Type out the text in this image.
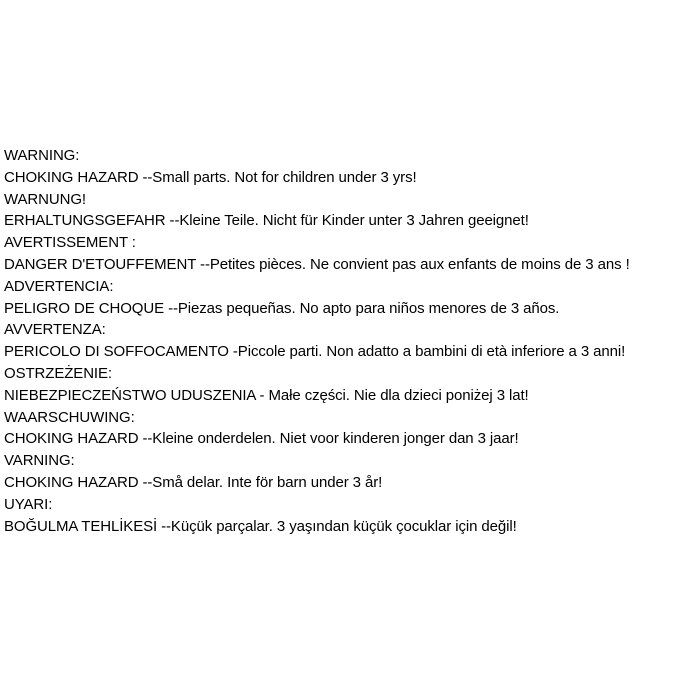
WARNING:
CHOKING HAZARD --Small parts. Not for children under 3 yrs!
WARNUNG!
ERHALTUNGSGEFAHR --Kleine Teile. Nicht für Kinder unter 3 Jahren geeignet!
AVERTISSEMENT :
DANGER D'ETOUFFEMENT --Petites pièces. Ne convient pas aux enfants de moins de 3 ans !
ADVERTENCIA:
PELIGRO DE CHOQUE --Piezas pequeñas. No apto para niños menores de 3 años.
AVVERTENZA:
PERICOLO DI SOFFOCAMENTO -Piccole parti. Non adatto a bambini di età inferiore a 3 anni!
OSTRZEŻENIE:
NIEBEZPIECZEŃSTWO UDUSZENIA - Małe części. Nie dla dzieci poniżej 3 lat!
WAARSCHUWING:
CHOKING HAZARD --Kleine onderdelen. Niet voor kinderen jonger dan 3 jaar!
VARNING:
CHOKING HAZARD --Små delar. Inte för barn under 3 år!
UYARI:
BOĞULMA TEHLİKESİ --Küçük parçalar. 3 yaşından küçük çocuklar için değil!
